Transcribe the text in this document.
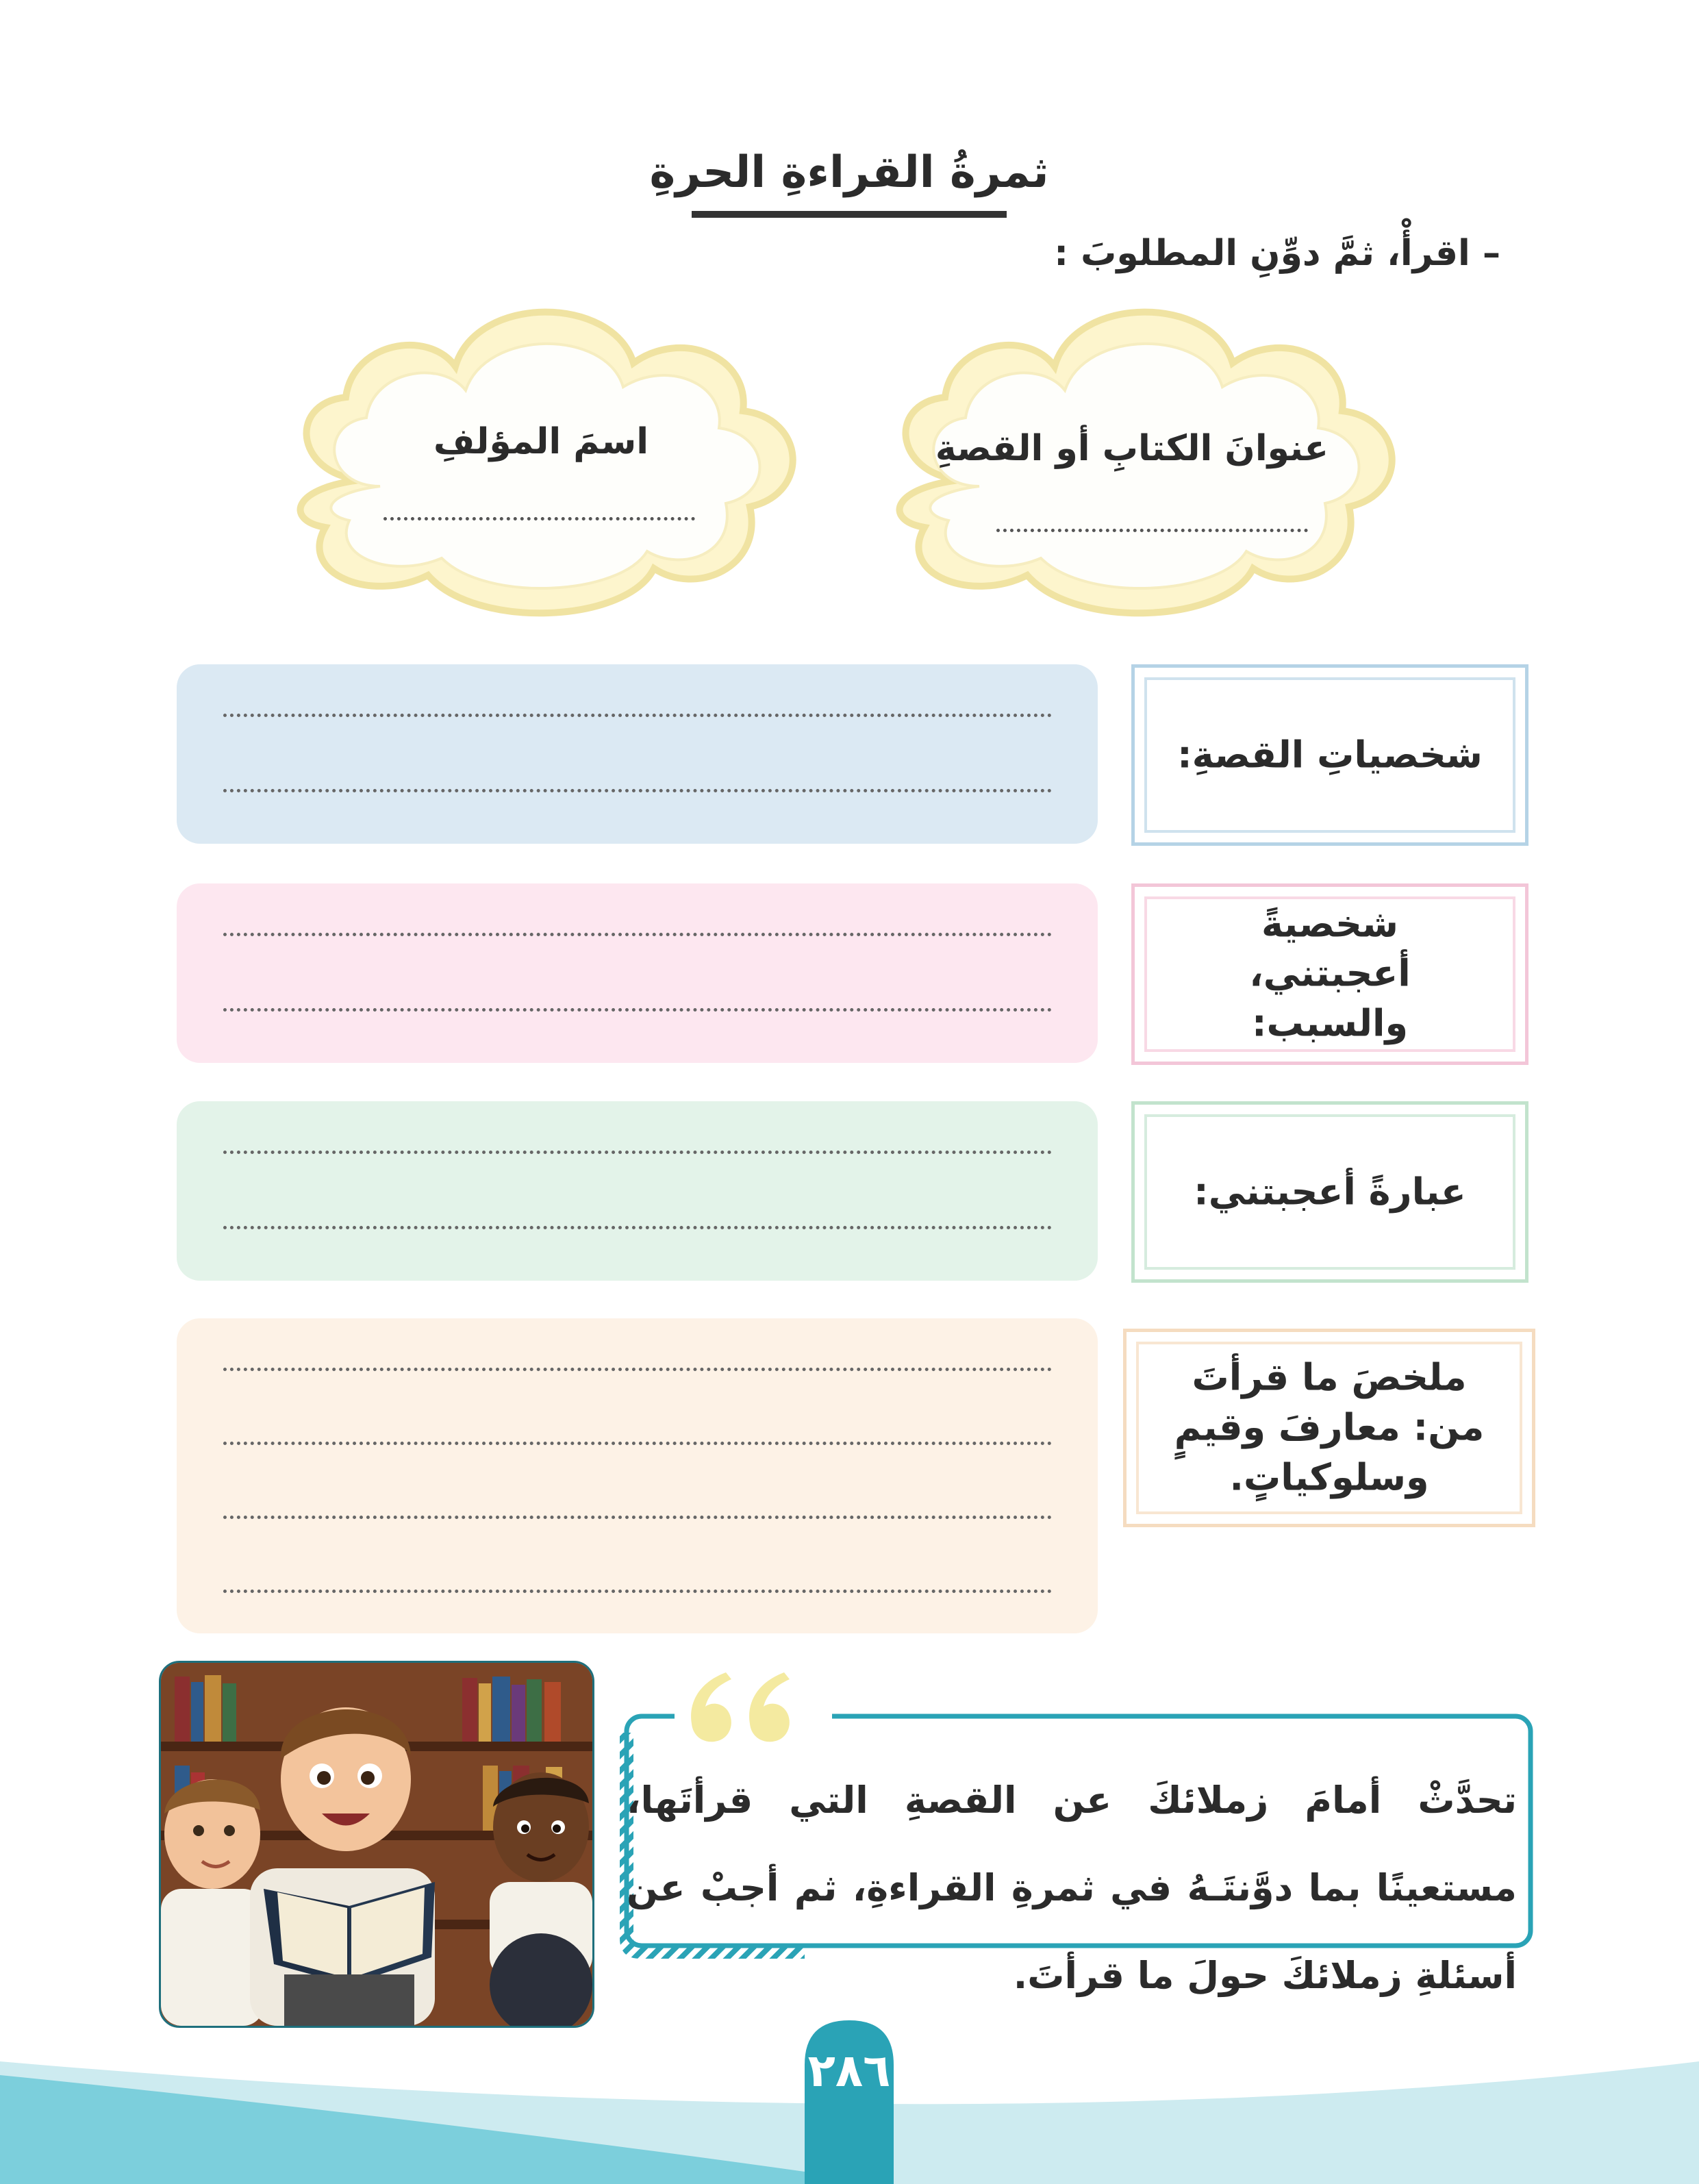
ثمرةُ القراءةِ الحرةِ
– اقرأْ، ثمَّ دوِّنِ المطلوبَ :
عنوانَ الكتابِ أو القصةِ
اسمَ المؤلفِ
شخصياتِ القصةِ:
شخصيةً أعجبتني، والسبب:
عبارةً أعجبتني:
ملخصَ ما قرأتَ من: معارفَ وقيمٍ وسلوكياتٍ.
تحدَّثْ أمامَ زملائكَ عن القصةِ التي قرأتَها، مستعينًا بما دوَّنتَـهُ في ثمرةِ القراءةِ، ثم أجبْ عن أسئلةِ زملائكَ حولَ ما قرأتَ.
٢٨٦
